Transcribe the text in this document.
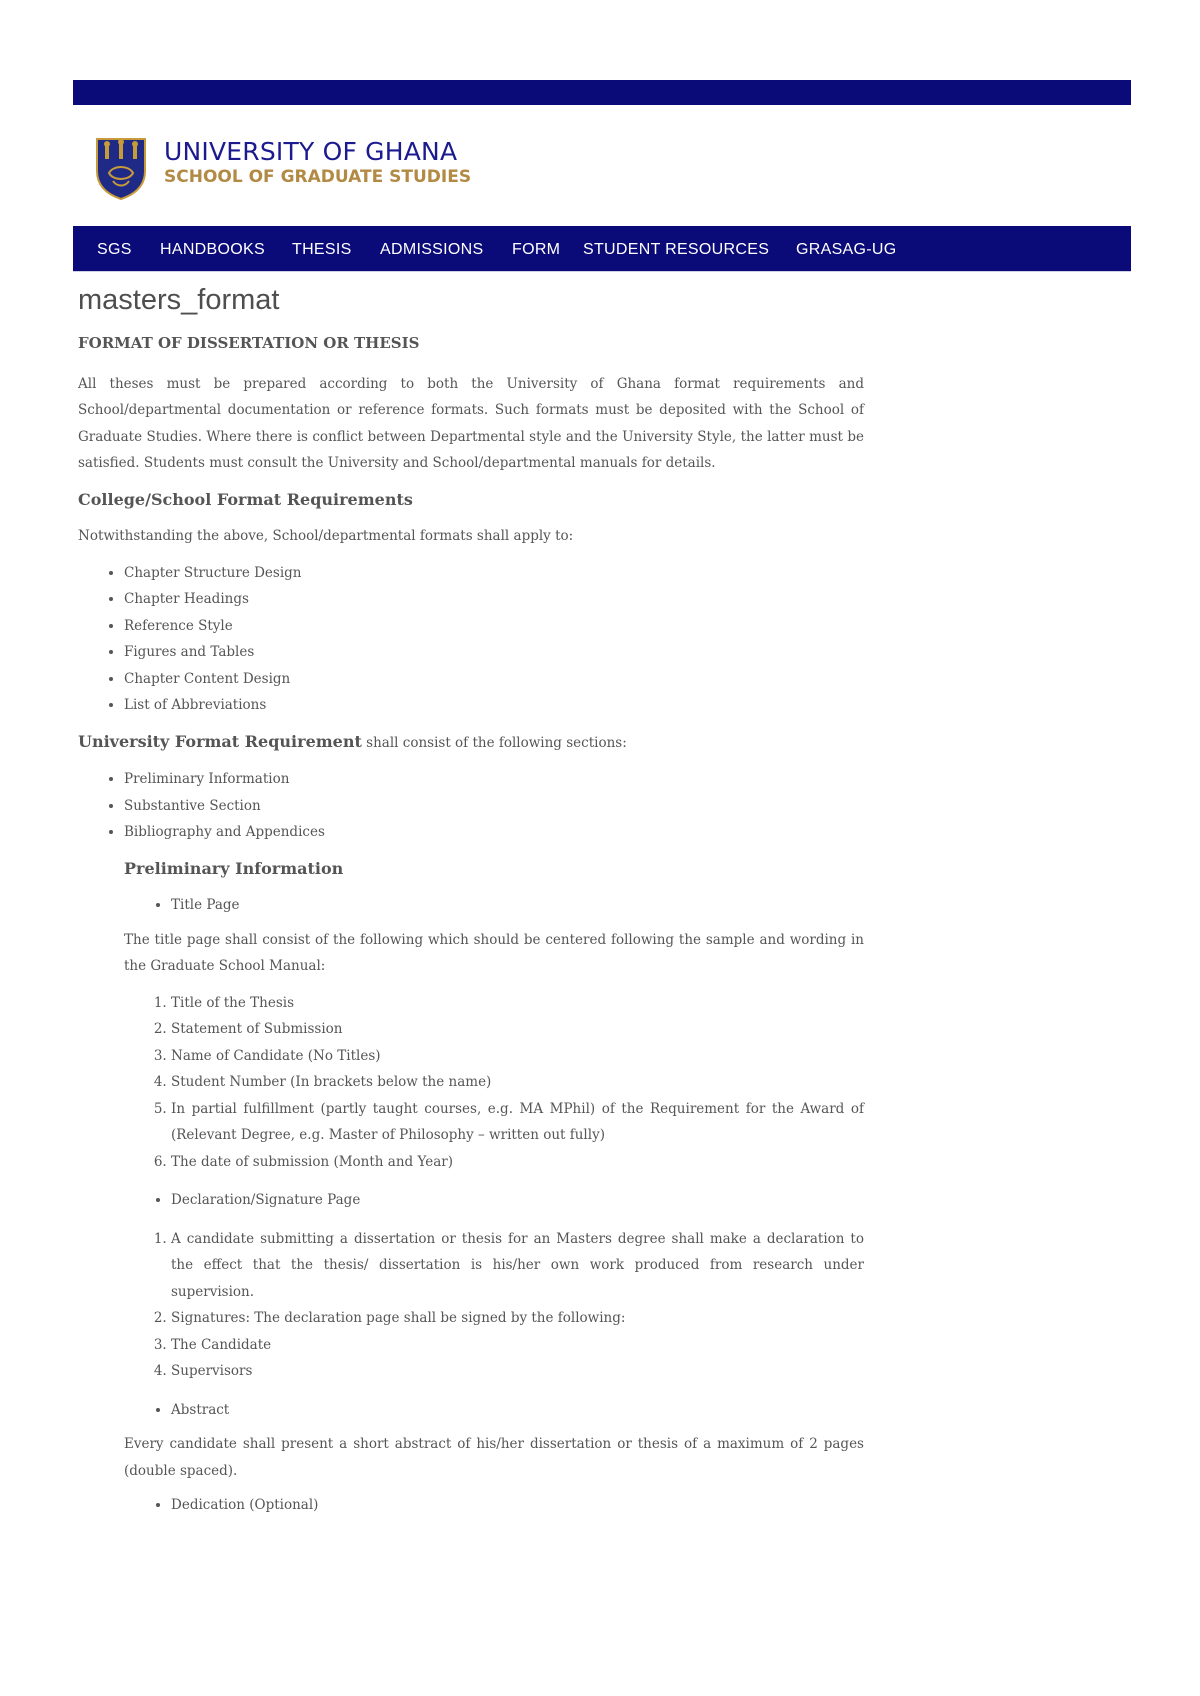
UNIVERSITY OF GHANA
SCHOOL OF GRADUATE STUDIES
SGS HANDBOOKS THESIS ADMISSIONS FORM STUDENT RESOURCES GRASAG-UG
masters_format
FORMAT OF DISSERTATION OR THESIS

All theses must be prepared according to both the University of Ghana format requirements and School/departmental documentation or reference formats. Such formats must be deposited with the School of Graduate Studies. Where there is conflict between Departmental style and the University Style, the latter must be satisfied. Students must consult the University and School/departmental manuals for details.

College/School Format Requirements

Notwithstanding the above, School/departmental formats shall apply to:

• Chapter Structure Design
• Chapter Headings
• Reference Style
• Figures and Tables
• Chapter Content Design
• List of Abbreviations

University Format Requirement shall consist of the following sections:

• Preliminary Information
• Substantive Section
• Bibliography and Appendices
Preliminary Information
• Title Page

The title page shall consist of the following which should be centered following the sample and wording in the Graduate School Manual:

1. Title of the Thesis
2. Statement of Submission
3. Name of Candidate (No Titles)
4. Student Number (In brackets below the name)
5. In partial fulfillment (partly taught courses, e.g. MA MPhil) of the Requirement for the Award of (Relevant Degree, e.g. Master of Philosophy – written out fully)
6. The date of submission (Month and Year)
• Declaration/Signature Page
1. A candidate submitting a dissertation or thesis for an Masters degree shall make a declaration to the effect that the thesis/ dissertation is his/her own work produced from research under supervision.
2. Signatures: The declaration page shall be signed by the following:
3. The Candidate
4. Supervisors
• Abstract

Every candidate shall present a short abstract of his/her dissertation or thesis of a maximum of 2 pages (double spaced).

• Dedication (Optional)
